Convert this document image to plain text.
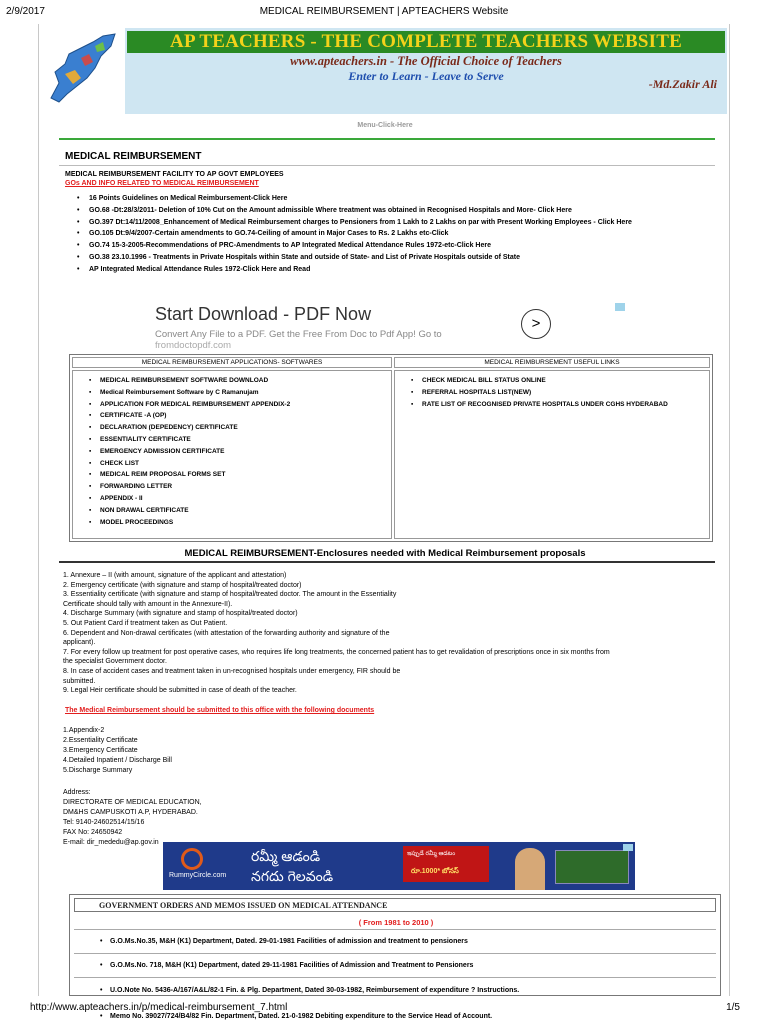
2/9/2017	MEDICAL REIMBURSEMENT | APTEACHERS Website
AP TEACHERS - THE COMPLETE TEACHERS WEBSITE
www.apteachers.in - The Official Choice of Teachers
Enter to Learn - Leave to Serve
-Md.Zakir Ali
Menu-Click-Here
MEDICAL REIMBURSEMENT
MEDICAL REIMBURSEMENT FACILITY TO AP GOVT EMPLOYEES
GOs AND INFO RELATED TO MEDICAL REIMBURSEMENT
• 16 Points Guidelines on Medical Reimbursement-Click Here
• GO.68 -Dt:28/3/2011- Deletion of 10% Cut on the Amount admissible Where treatment was obtained in Recognised Hospitals and More- Click Here
• GO.397 Dt:14/11/2008_Enhancement of Medical Reimbursement charges to Pensioners from 1 Lakh to 2 Lakhs on par with Present Working Employees - Click Here
• GO.105 Dt:9/4/2007-Certain amendments to GO.74-Ceiling of amount in Major Cases to Rs. 2 Lakhs etc-Click
• GO.74 15-3-2005-Recommendations of PRC-Amendments to AP Integrated Medical Attendance Rules 1972-etc-Click Here
• GO.38 23.10.1996 - Treatments in Private Hospitals within State and outside of State- and List of Private Hospitals outside of State
• AP Integrated Medical Attendance Rules 1972-Click Here and Read
Start Download - PDF Now
Convert Any File to a PDF. Get the Free From Doc to Pdf App! Go to
fromdoctopdf.com
>
MEDICAL REIMBURSEMENT APPLICATIONS- SOFTWARES	MEDICAL REIMBURSEMENT USEFUL LINKS
▪ MEDICAL REIMBURSEMENT SOFTWARE DOWNLOAD
▪ Medical Reimbursement Software by C Ramanujam
▪ APPLICATION FOR MEDICAL REIMBURSEMENT APPENDIX-2
▪ CERTIFICATE -A (OP)
▪ DECLARATION (DEPEDENCY) CERTIFICATE
▪ ESSENTIALITY CERTIFICATE
▪ EMERGENCY ADMISSION CERTIFICATE
▪ CHECK LIST
▪ MEDICAL REIM PROPOSAL FORMS SET
▪ FORWARDING LETTER
▪ APPENDIX - II
▪ NON DRAWAL CERTIFICATE
▪ MODEL PROCEEDINGS
▪ CHECK MEDICAL BILL STATUS ONLINE
▪ REFERRAL HOSPITALS LIST(NEW)
▪ RATE LIST OF RECOGNISED PRIVATE HOSPITALS UNDER CGHS HYDERABAD
MEDICAL REIMBURSEMENT-Enclosures needed with Medical Reimbursement proposals
1. Annexure – II (with amount, signature of the applicant and attestation)
2. Emergency certificate (with signature and stamp of hospital/treated doctor)
3. Essentiality certificate (with signature and stamp of hospital/treated doctor. The amount in the Essentiality
Certificate should tally with amount in the Annexure-II).
4. Discharge Summary (with signature and stamp of hospital/treated doctor)
5. Out Patient Card if treatment taken as Out Patient.
6. Dependent and Non-drawal certificates (with attestation of the forwarding authority and signature of the
applicant).
7. For every follow up treatment for post operative cases, who requires life long treatments, the concerned patient has to get revalidation of prescriptions once in six months from
the specialist Government doctor.
8. In case of accident cases and treatment taken in un-recognised hospitals under emergency, FIR should be
submitted.
9. Legal Heir certificate should be submitted in case of death of the teacher.
The Medical Reimbursement should be submitted to this office with the following documents
1.Appendix-2
2.Essentiality Certificate
3.Emergency Certificate
4.Detailed Inpatient / Discharge Bill
5.Discharge Summary
Address:
DIRECTORATE OF MEDICAL EDUCATION,
DM&HS CAMPUSKOTI A.P, HYDERABAD.
Tel: 9140-24602514/15/16
FAX No: 24650942
E-mail: dir_mededu@ap.gov.in
RummyCircle.com
రమ్మీ ఆడండి
నగదు గెలవండి
ఇప్పుడే రమ్మీ ఆడటం
రూ.1000* బోనస్
GOVERNMENT ORDERS AND MEMOS ISSUED ON MEDICAL ATTENDANCE
( From 1981 to 2010 )
• G.O.Ms.No.35, M&H (K1) Department, Dated. 29-01-1981 Facilities of admission and treatment to pensioners
• G.O.Ms.No. 718, M&H (K1) Department, dated 29-11-1981 Facilities of Admission and Treatment to Pensioners
• U.O.Note No. 5436-A/167/A&L/82-1 Fin. & Plg. Department, Dated 30-03-1982, Reimbursement of expenditure ? Instructions.
• Memo No. 39027/724/B4/82 Fin. Department, Dated. 21-0-1982 Debiting expenditure to the Service Head of Account.
http://www.apteachers.in/p/medical-reimbursement_7.html	1/5
